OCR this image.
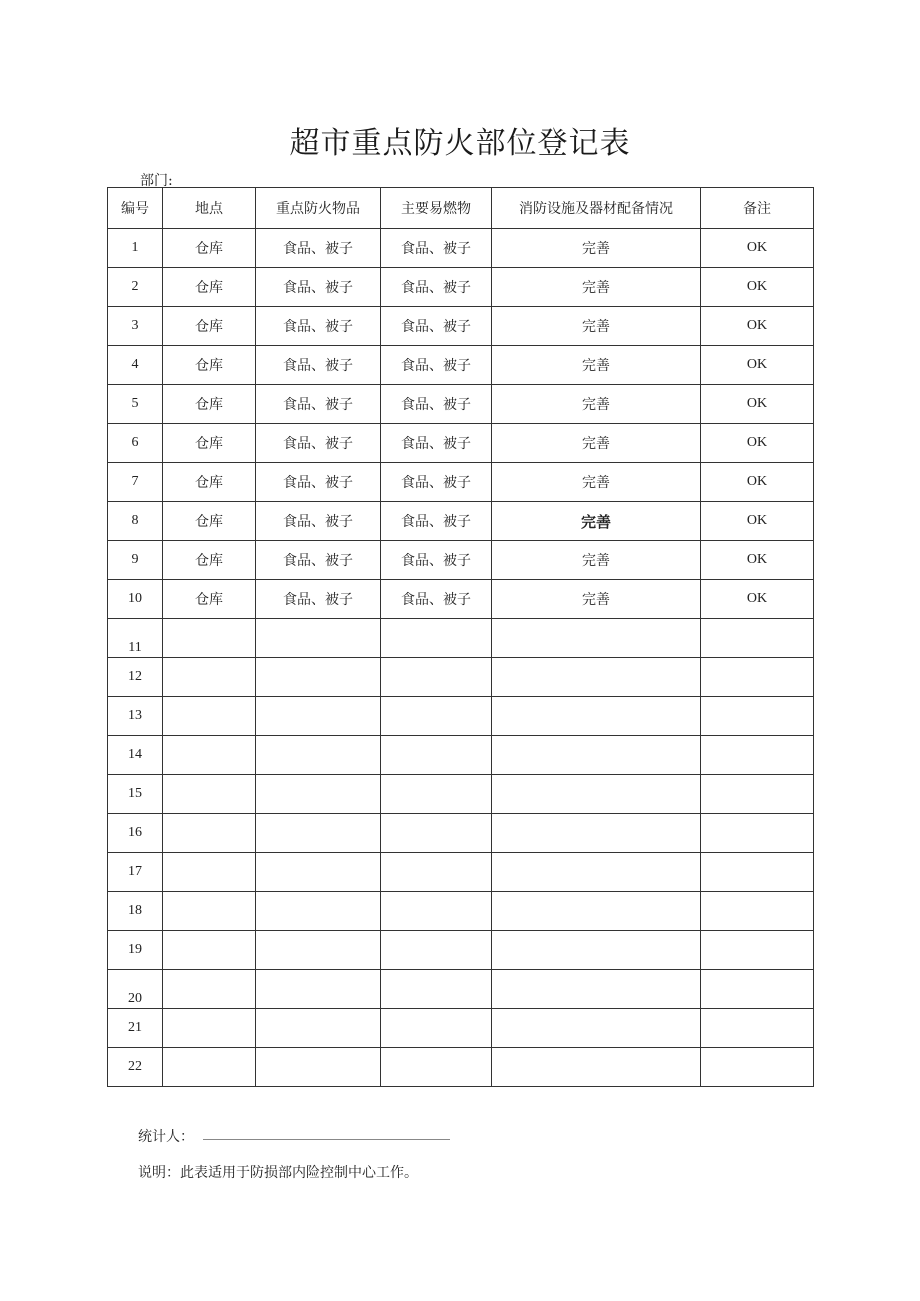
超市重点防火部位登记表
部门:
编号	地点	重点防火物品	主要易燃物	消防设施及器材配备情况	备注
1	仓库	食品、被子	食品、被子	完善	OK
2	仓库	食品、被子	食品、被子	完善	OK
3	仓库	食品、被子	食品、被子	完善	OK
4	仓库	食品、被子	食品、被子	完善	OK
5	仓库	食品、被子	食品、被子	完善	OK
6	仓库	食品、被子	食品、被子	完善	OK
7	仓库	食品、被子	食品、被子	完善	OK
8	仓库	食品、被子	食品、被子	完善	OK
9	仓库	食品、被子	食品、被子	完善	OK
10	仓库	食品、被子	食品、被子	完善	OK
11					
12					
13					
14					
15					
16					
17					
18					
19					
20					
21					
22					
统计人：
说明：此表适用于防损部内险控制中心工作。
